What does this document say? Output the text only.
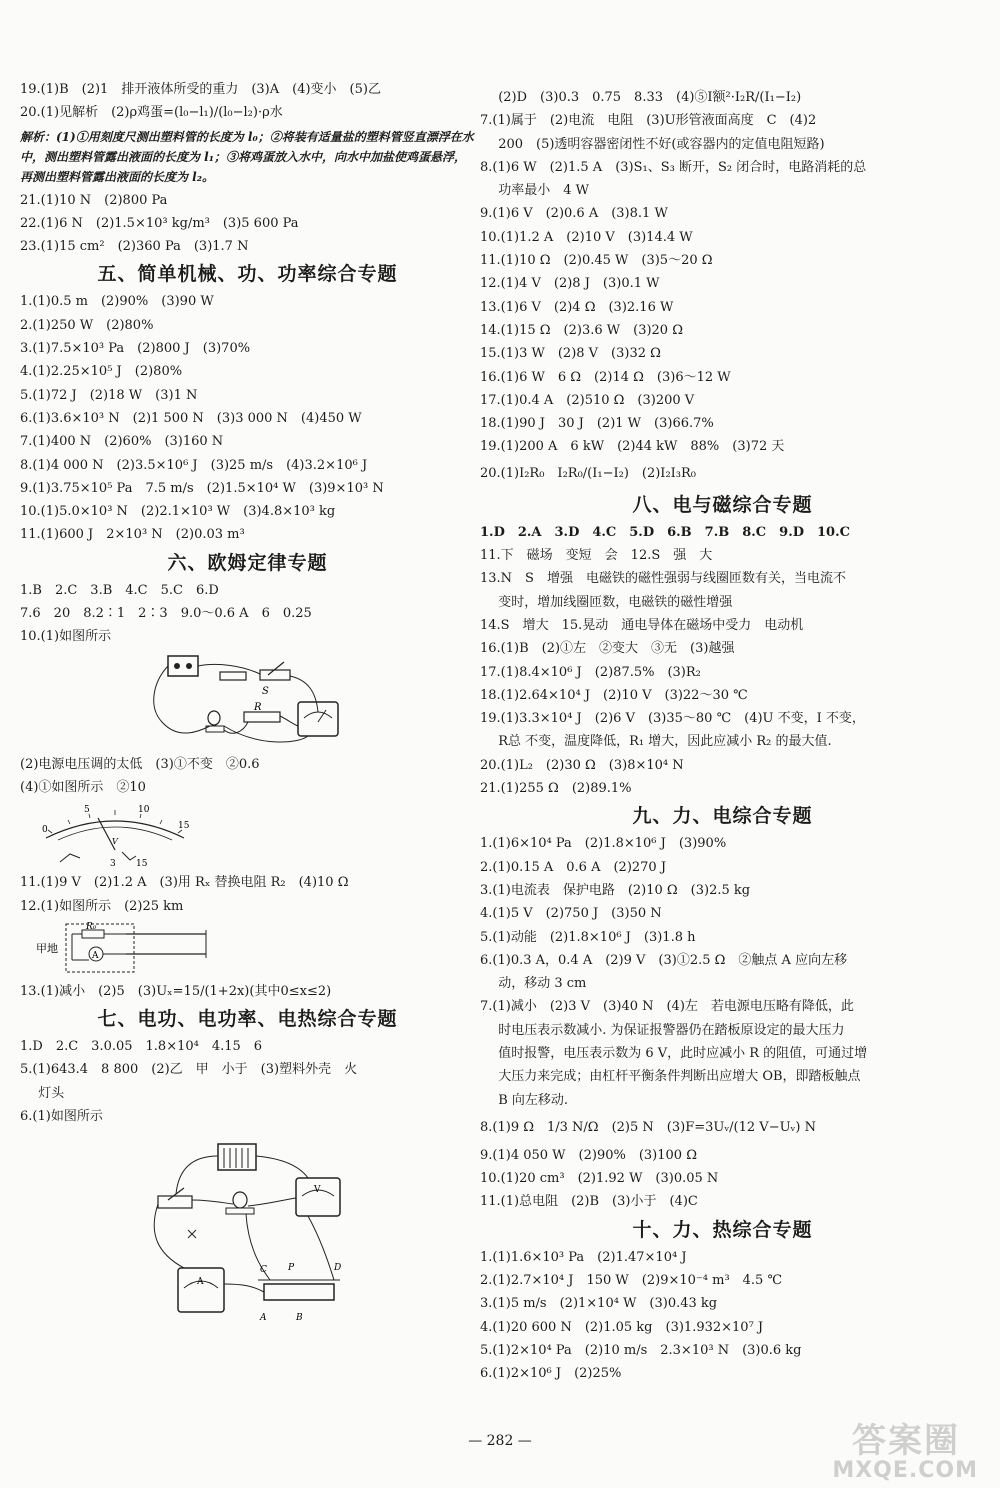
19.(1)B　(2)1　排开液体所受的重力　(3)A　(4)变小　(5)乙
20.(1)见解析　(2)ρ鸡蛋=(l₀−l₁)/(l₀−l₂)·ρ水
解析：(1)①用刻度尺测出塑料管的长度为 l₀；②将装有适量盐的塑料管竖直漂浮在水中，测出塑料管露出液面的长度为 l₁；③将鸡蛋放入水中，向水中加盐使鸡蛋悬浮，再测出塑料管露出液面的长度为 l₂。
21.(1)10 N　(2)800 Pa
22.(1)6 N　(2)1.5×10³ kg/m³　(3)5 600 Pa
23.(1)15 cm²　(2)360 Pa　(3)1.7 N
五、简单机械、功、功率综合专题
1.(1)0.5 m　(2)90%　(3)90 W
2.(1)250 W　(2)80%
3.(1)7.5×10³ Pa　(2)800 J　(3)70%
4.(1)2.25×10⁵ J　(2)80%
5.(1)72 J　(2)18 W　(3)1 N
6.(1)3.6×10³ N　(2)1 500 N　(3)3 000 N　(4)450 W
7.(1)400 N　(2)60%　(3)160 N
8.(1)4 000 N　(2)3.5×10⁶ J　(3)25 m/s　(4)3.2×10⁶ J
9.(1)3.75×10⁵ Pa　7.5 m/s　(2)1.5×10⁴ W　(3)9×10³ N
10.(1)5.0×10³ N　(2)2.1×10³ W　(3)4.8×10³ kg
11.(1)600 J　2×10³ N　(2)0.03 m³
六、欧姆定律专题
1.B　2.C　3.B　4.C　5.C　6.D
7.6　20　8.2∶1　2∶3　9.0～0.6 A　6　0.25
10.(1)如图所示
S
R
(2)电源电压调的太低　(3)①不变　②0.6
(4)①如图所示　②10
0
5	10
15
V
3 15
11.(1)9 V　(2)1.2 A　(3)用 Rₓ 替换电阻 R₂　(4)10 Ω
12.(1)如图所示　(2)25 km
甲地
R₀
A
13.(1)减小　(2)5　(3)Uₓ=15/(1+2x)(其中0≤x≤2)
七、电功、电功率、电热综合专题
1.D　2.C　3.0.05　1.8×10⁴　4.15　6
5.(1)643.4　8 800　(2)乙　甲　小于　(3)塑料外壳　火
灯头
6.(1)如图所示
V
A
C P	D
A	B
(2)D　(3)0.3　0.75　8.33　(4)⑤I额²·I₂R/(I₁−I₂)
7.(1)属于　(2)电流　电阻　(3)U形管液面高度　C　(4)2
200　(5)透明容器密闭性不好(或容器内的定值电阻短路)
8.(1)6 W　(2)1.5 A　(3)S₁、S₃ 断开，S₂ 闭合时，电路消耗的总
功率最小　4 W
9.(1)6 V　(2)0.6 A　(3)8.1 W
10.(1)1.2 A　(2)10 V　(3)14.4 W
11.(1)10 Ω　(2)0.45 W　(3)5～20 Ω
12.(1)4 V　(2)8 J　(3)0.1 W
13.(1)6 V　(2)4 Ω　(3)2.16 W
14.(1)15 Ω　(2)3.6 W　(3)20 Ω
15.(1)3 W　(2)8 V　(3)32 Ω
16.(1)6 W　6 Ω　(2)14 Ω　(3)6～12 W
17.(1)0.4 A　(2)510 Ω　(3)200 V
18.(1)90 J　30 J　(2)1 W　(3)66.7%
19.(1)200 A　6 kW　(2)44 kW　88%　(3)72 天
20.(1)I₂R₀　I₂R₀/(I₁−I₂)　(2)I₂I₃R₀
八、电与磁综合专题
1.D　2.A　3.D　4.C　5.D　6.B　7.B　8.C　9.D　10.C
11.下　磁场　变短　会　12.S　强　大
13.N　S　增强　电磁铁的磁性强弱与线圈匝数有关，当电流不
变时，增加线圈匝数，电磁铁的磁性增强
14.S　增大　15.晃动　通电导体在磁场中受力　电动机
16.(1)B　(2)①左　②变大　③无　(3)越强
17.(1)8.4×10⁶ J　(2)87.5%　(3)R₂
18.(1)2.64×10⁴ J　(2)10 V　(3)22～30 ℃
19.(1)3.3×10⁴ J　(2)6 V　(3)35～80 ℃　(4)U 不变，I 不变，
R总 不变，温度降低，R₁ 增大，因此应减小 R₂ 的最大值.
20.(1)L₂　(2)30 Ω　(3)8×10⁴ N
21.(1)255 Ω　(2)89.1%
九、力、电综合专题
1.(1)6×10⁴ Pa　(2)1.8×10⁶ J　(3)90%
2.(1)0.15 A　0.6 A　(2)270 J
3.(1)电流表　保护电路　(2)10 Ω　(3)2.5 kg
4.(1)5 V　(2)750 J　(3)50 N
5.(1)动能　(2)1.8×10⁶ J　(3)1.8 h
6.(1)0.3 A，0.4 A　(2)9 V　(3)①2.5 Ω　②触点 A 应向左移
动，移动 3 cm
7.(1)减小　(2)3 V　(3)40 N　(4)左　若电源电压略有降低，此
时电压表示数减小. 为保证报警器仍在踏板原设定的最大压力
值时报警，电压表示数为 6 V，此时应减小 R 的阻值，可通过增
大压力来完成；由杠杆平衡条件判断出应增大 OB，即踏板触点
B 向左移动.
8.(1)9 Ω　1/3 N/Ω　(2)5 N　(3)F=3Uᵥ/(12 V−Uᵥ) N
9.(1)4 050 W　(2)90%　(3)100 Ω
10.(1)20 cm³　(2)1.92 W　(3)0.05 N
11.(1)总电阻　(2)B　(3)小于　(4)C
十、力、热综合专题
1.(1)1.6×10³ Pa　(2)1.47×10⁴ J
2.(1)2.7×10⁴ J　150 W　(2)9×10⁻⁴ m³　4.5 ℃
3.(1)5 m/s　(2)1×10⁴ W　(3)0.43 kg
4.(1)20 600 N　(2)1.05 kg　(3)1.932×10⁷ J
5.(1)2×10⁴ Pa　(2)10 m/s　2.3×10³ N　(3)0.6 kg
6.(1)2×10⁶ J　(2)25%
— 282 —	答案圈
MXQE.COM
